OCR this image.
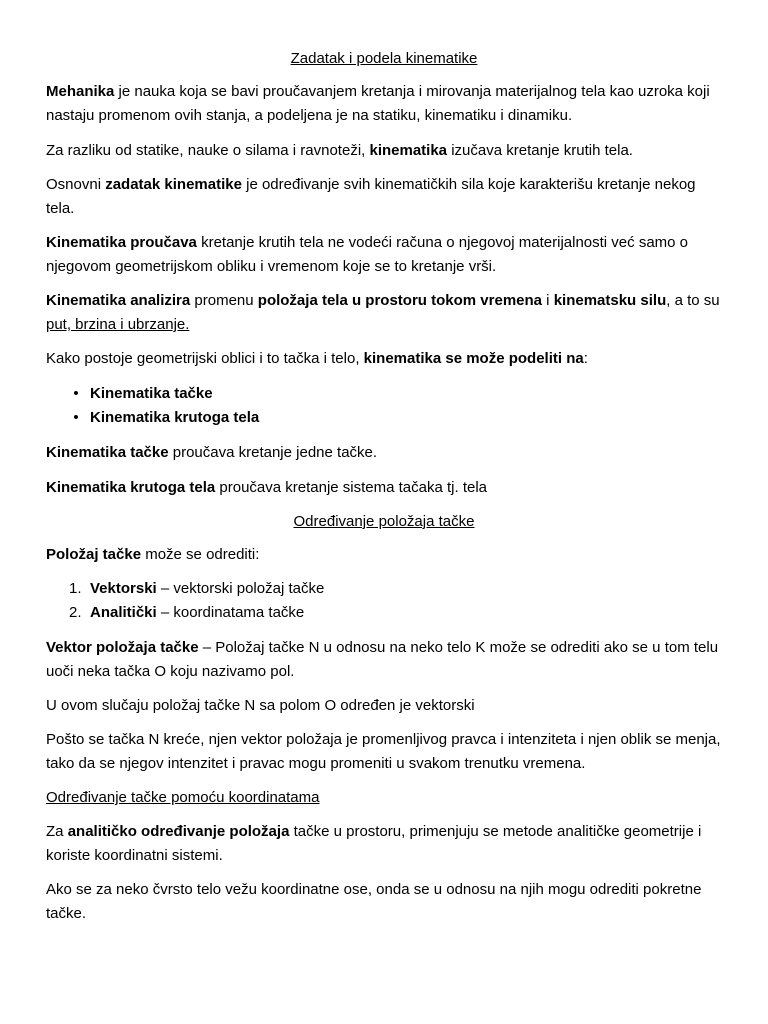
Zadatak i podela kinematike

Mehanika je nauka koja se bavi proučavanjem kretanja i mirovanja materijalnog tela kao uzroka koji nastaju promenom ovih stanja, a podeljena je na statiku, kinematiku i dinamiku.

Za razliku od statike, nauke o silama i ravnoteži, kinematika izučava kretanje krutih tela.

Osnovni zadatak kinematike je određivanje svih kinematičkih sila koje karakterišu kretanje nekog tela.

Kinematika proučava kretanje krutih tela ne vodeći računa o njegovoj materijalnosti već samo o njegovom geometrijskom obliku i vremenom koje se to kretanje vrši.

Kinematika analizira promenu položaja tela u prostoru tokom vremena i kinematsku silu, a to su put, brzina i ubrzanje.

Kako postoje geometrijski oblici i to tačka i telo, kinematika se može podeliti na:

• Kinematika tačke

• Kinematika krutoga tela

Kinematika tačke proučava kretanje jedne tačke.

Kinematika krutoga tela proučava kretanje sistema tačaka tj. tela

Određivanje položaja tačke

Položaj tačke može se odrediti:

1. Vektorski – vektorski položaj tačke

2. Analitički – koordinatama tačke

Vektor položaja tačke – Položaj tačke N u odnosu na neko telo K može se odrediti ako se u tom telu uoči neka tačka O koju nazivamo pol.

U ovom slučaju položaj tačke N sa polom O određen je vektorski

Pošto se tačka N kreće, njen vektor položaja je promenljivog pravca i intenziteta i njen oblik se menja, tako da se njegov intenzitet i pravac mogu promeniti u svakom trenutku vremena.

Određivanje tačke pomoću koordinatama

Za analitičko određivanje položaja tačke u prostoru, primenjuju se metode analitičke geometrije i koriste koordinatni sistemi.

Ako se za neko čvrsto telo vežu koordinatne ose, onda se u odnosu na njih mogu odrediti pokretne tačke.
